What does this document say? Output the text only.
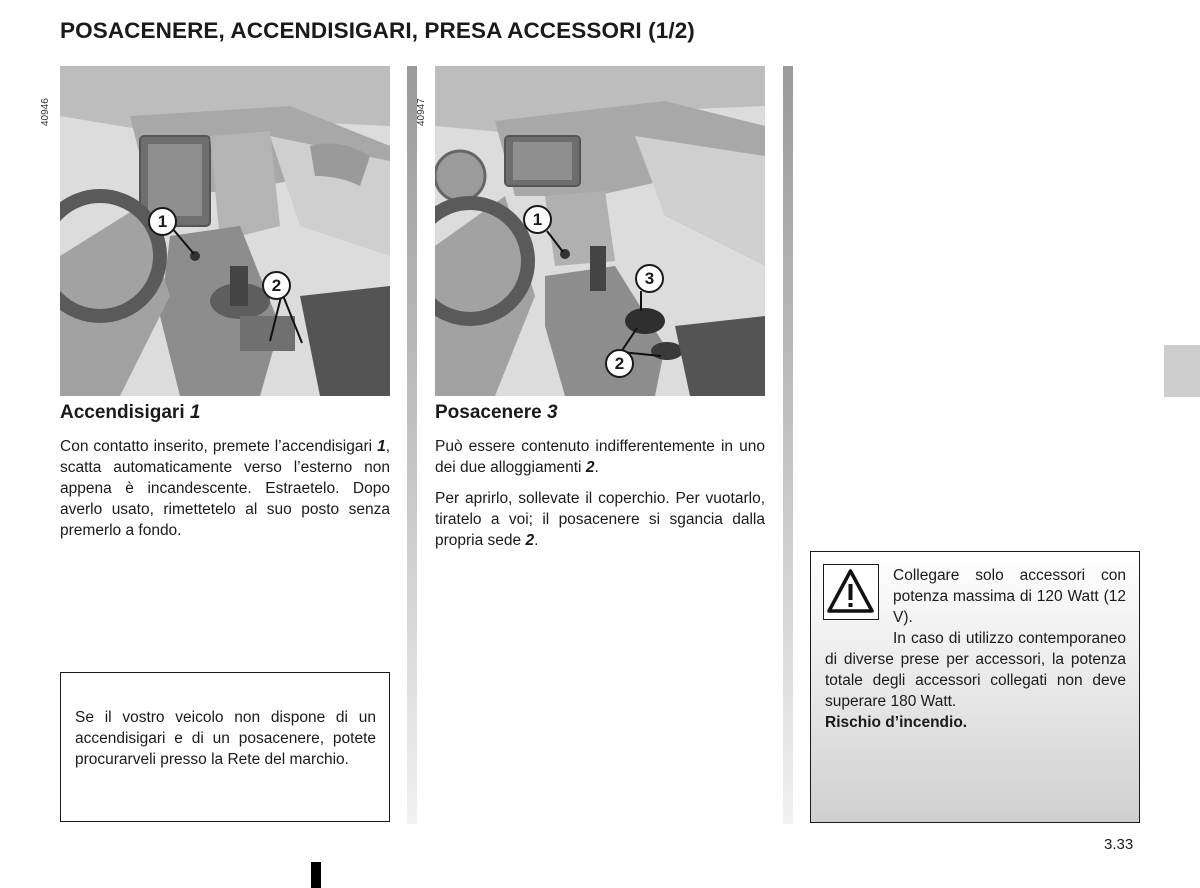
POSACENERE, ACCENDISIGARI, PRESA ACCESSORI (1/2)
40946
1
2
40947
1
3
2
Accendisigari 1

Con contatto inserito, premete l’accendisigari 1, scatta automaticamente verso l’esterno non appena è incandescente. Estraetelo. Dopo averlo usato, rimettetelo al suo posto senza premerlo a fondo.

Posacenere 3

Può essere contenuto indifferentemente in uno dei due alloggiamenti 2.

Per aprirlo, sollevate il coperchio. Per vuotarlo, tiratelo a voi; il posacenere si sgancia dalla propria sede 2.

Se il vostro veicolo non dispone di un accendisigari e di un posacenere, potete procurarveli presso la Rete del marchio.
Collegare solo accessori con potenza massima di 120 Watt (12 V).
In caso di utilizzo contemporaneo di diverse prese per accessori, la potenza totale degli accessori collegati non deve superare 180 Watt.
Rischio d’incendio.
3.33
